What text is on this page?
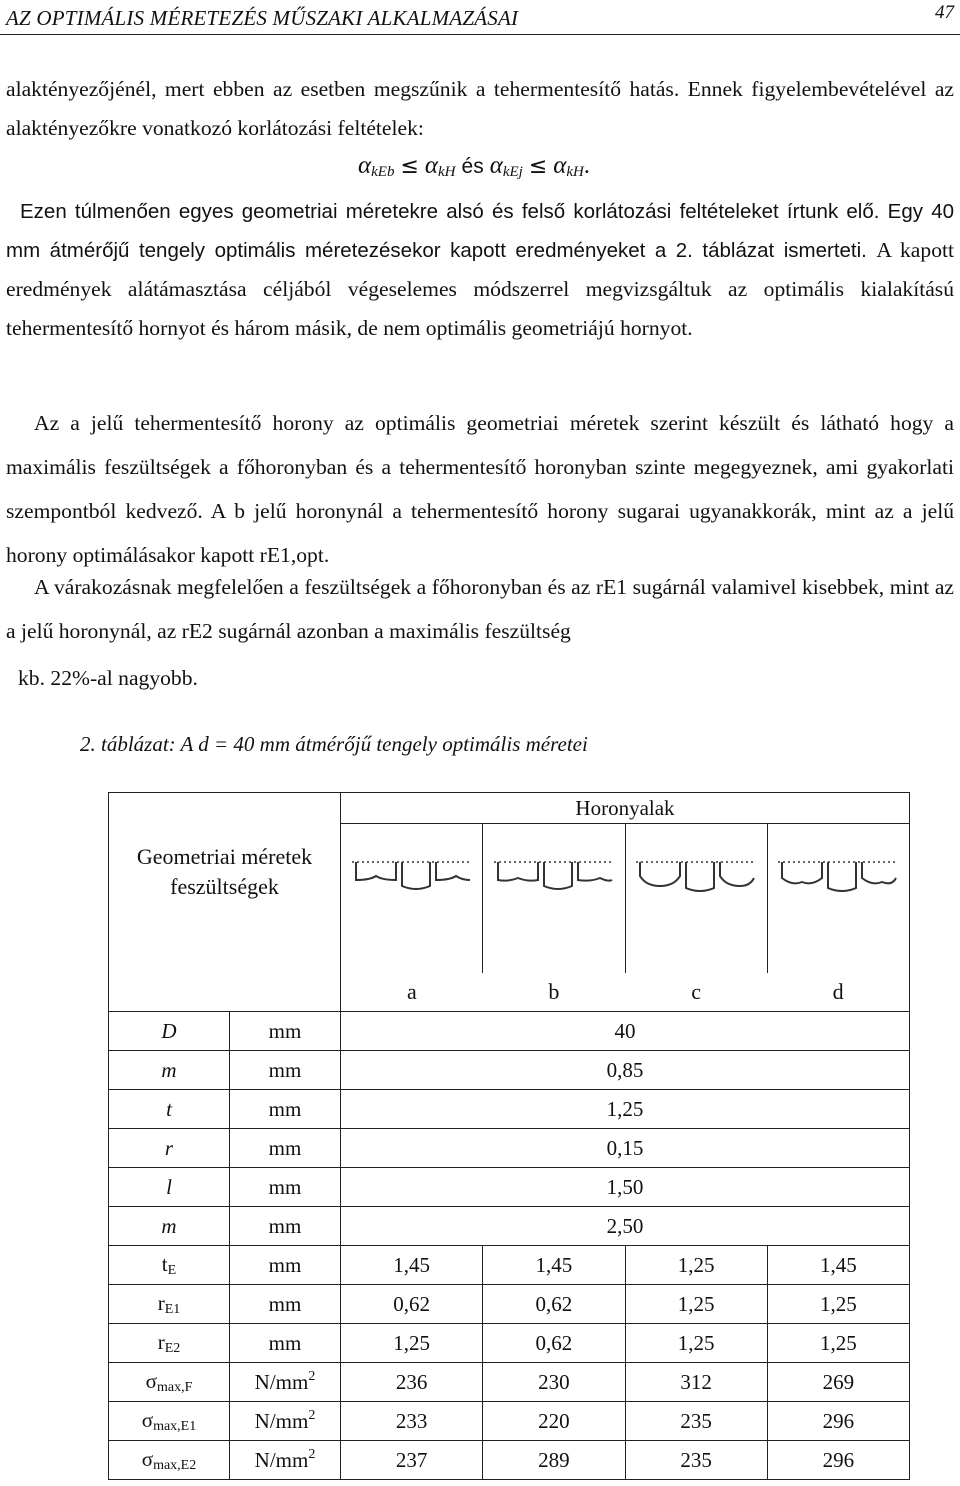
AZ OPTIMÁLIS MÉRETEZÉS MŰSZAKI ALKALMAZÁSAI	47

alaktényezőjénél, mert ebben az esetben megszűnik a tehermentesítő hatás. Ennek figyelembevételével az alaktényezőkre vonatkozó korlátozási feltételek:

$\alpha_{kEb} \le \alpha_{kH}$ és $\alpha_{kEj} \le \alpha_{kH}$.

Ezen túlmenően egyes geometriai méretekre alsó és felső korlátozási feltételeket írtunk elő. Egy 40 mm átmérőjű tengely optimális méretezésekor kapott eredményeket a 2. táblázat ismerteti. A kapott eredmények alátámasztása céljából végeselemes módszerrel megvizsgáltuk az optimális kialakítású tehermentesítő hornyot és három másik, de nem optimális geometriájú hornyot.

Az a jelű tehermentesítő horony az optimális geometriai méretek szerint készült és látható hogy a maximális feszültségek a főhoronyban és a tehermentesítő horonyban szinte megegyeznek, ami gyakorlati szempontból kedvező. A b jelű horonynál a tehermentesítő horony sugarai ugyanakkorák, mint az a jelű horony optimálásakor kapott rE1,opt.

A várakozásnak megfelelően a feszültségek a főhoronyban és az rE1 sugárnál valamivel kisebbek, mint az a jelű horonynál, az rE2 sugárnál azonban a maximális feszültség

kb. 22%-al nagyobb.

2. táblázat: A d = 40 mm átmérőjű tengely optimális méretei
Geometriai méretek
feszültségek		Horonyalak			

		a	b	c	d
D	mm	40			
m	mm	0,85			
t	mm	1,25			
r	mm	0,15			
l	mm	1,50			
m	mm	2,50			
$t_E$	mm	1,45	1,45	1,25	1,45
$r_{E1}$	mm	0,62	0,62	1,25	1,25
$r_{E2}$	mm	1,25	0,62	1,25	1,25
$\sigma_{max,F}$	$N/mm^2$	236	230	312	269
$\sigma_{max,E1}$	$N/mm^2$	233	220	235	296
$\sigma_{max,E2}$	$N/mm^2$	237	289	235	296
